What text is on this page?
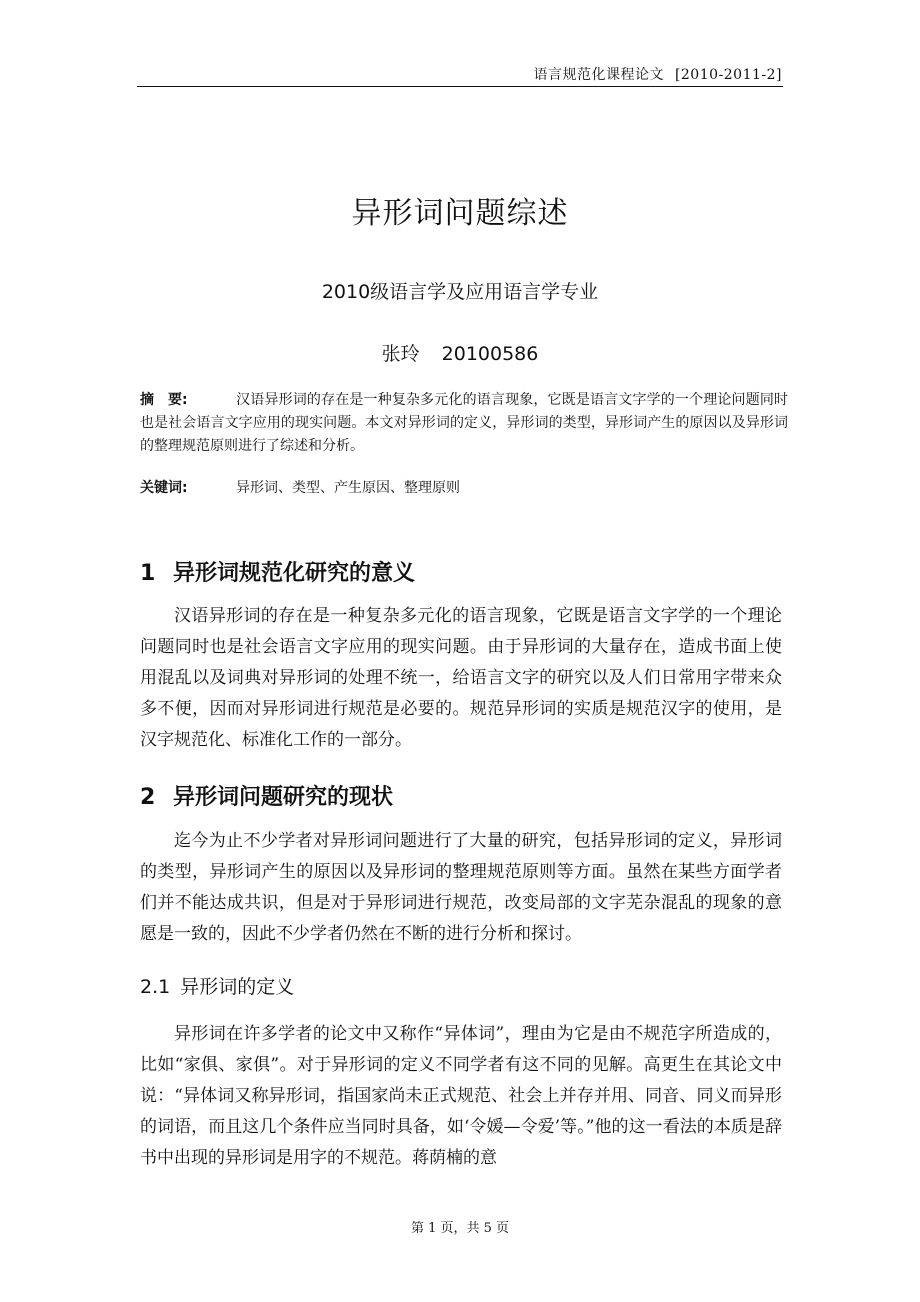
语言规范化课程论文 [2010-2011-2]
异形词问题综述
2010级语言学及应用语言学专业
张玲 20100586
摘　要:	汉语异形词的存在是一种复杂多元化的语言现象，它既是语言文字学的一个理论问题同时也是社会语言文字应用的现实问题。本文对异形词的定义，异形词的类型，异形词产生的原因以及异形词的整理规范原则进行了综述和分析。
关键词:	异形词、类型、产生原因、整理原则
1 异形词规范化研究的意义
汉语异形词的存在是一种复杂多元化的语言现象，它既是语言文字学的一个理论问题同时也是社会语言文字应用的现实问题。由于异形词的大量存在，造成书面上使用混乱以及词典对异形词的处理不统一，给语言文字的研究以及人们日常用字带来众多不便，因而对异形词进行规范是必要的。规范异形词的实质是规范汉字的使用，是汉字规范化、标准化工作的一部分。
2 异形词问题研究的现状
迄今为止不少学者对异形词问题进行了大量的研究，包括异形词的定义，异形词的类型，异形词产生的原因以及异形词的整理规范原则等方面。虽然在某些方面学者们并不能达成共识，但是对于异形词进行规范，改变局部的文字芜杂混乱的现象的意愿是一致的，因此不少学者仍然在不断的进行分析和探讨。
2.1 异形词的定义
异形词在许多学者的论文中又称作“异体词”，理由为它是由不规范字所造成的，比如“家俱、家俱”。对于异形词的定义不同学者有这不同的见解。高更生在其论文中说：“异体词又称异形词，指国家尚未正式规范、社会上并存并用、同音、同义而异形的词语，而且这几个条件应当同时具备，如‘令媛—令爱’等。”他的这一看法的本质是辞书中出现的异形词是用字的不规范。蒋荫楠的意
第 1 页，共 5 页
